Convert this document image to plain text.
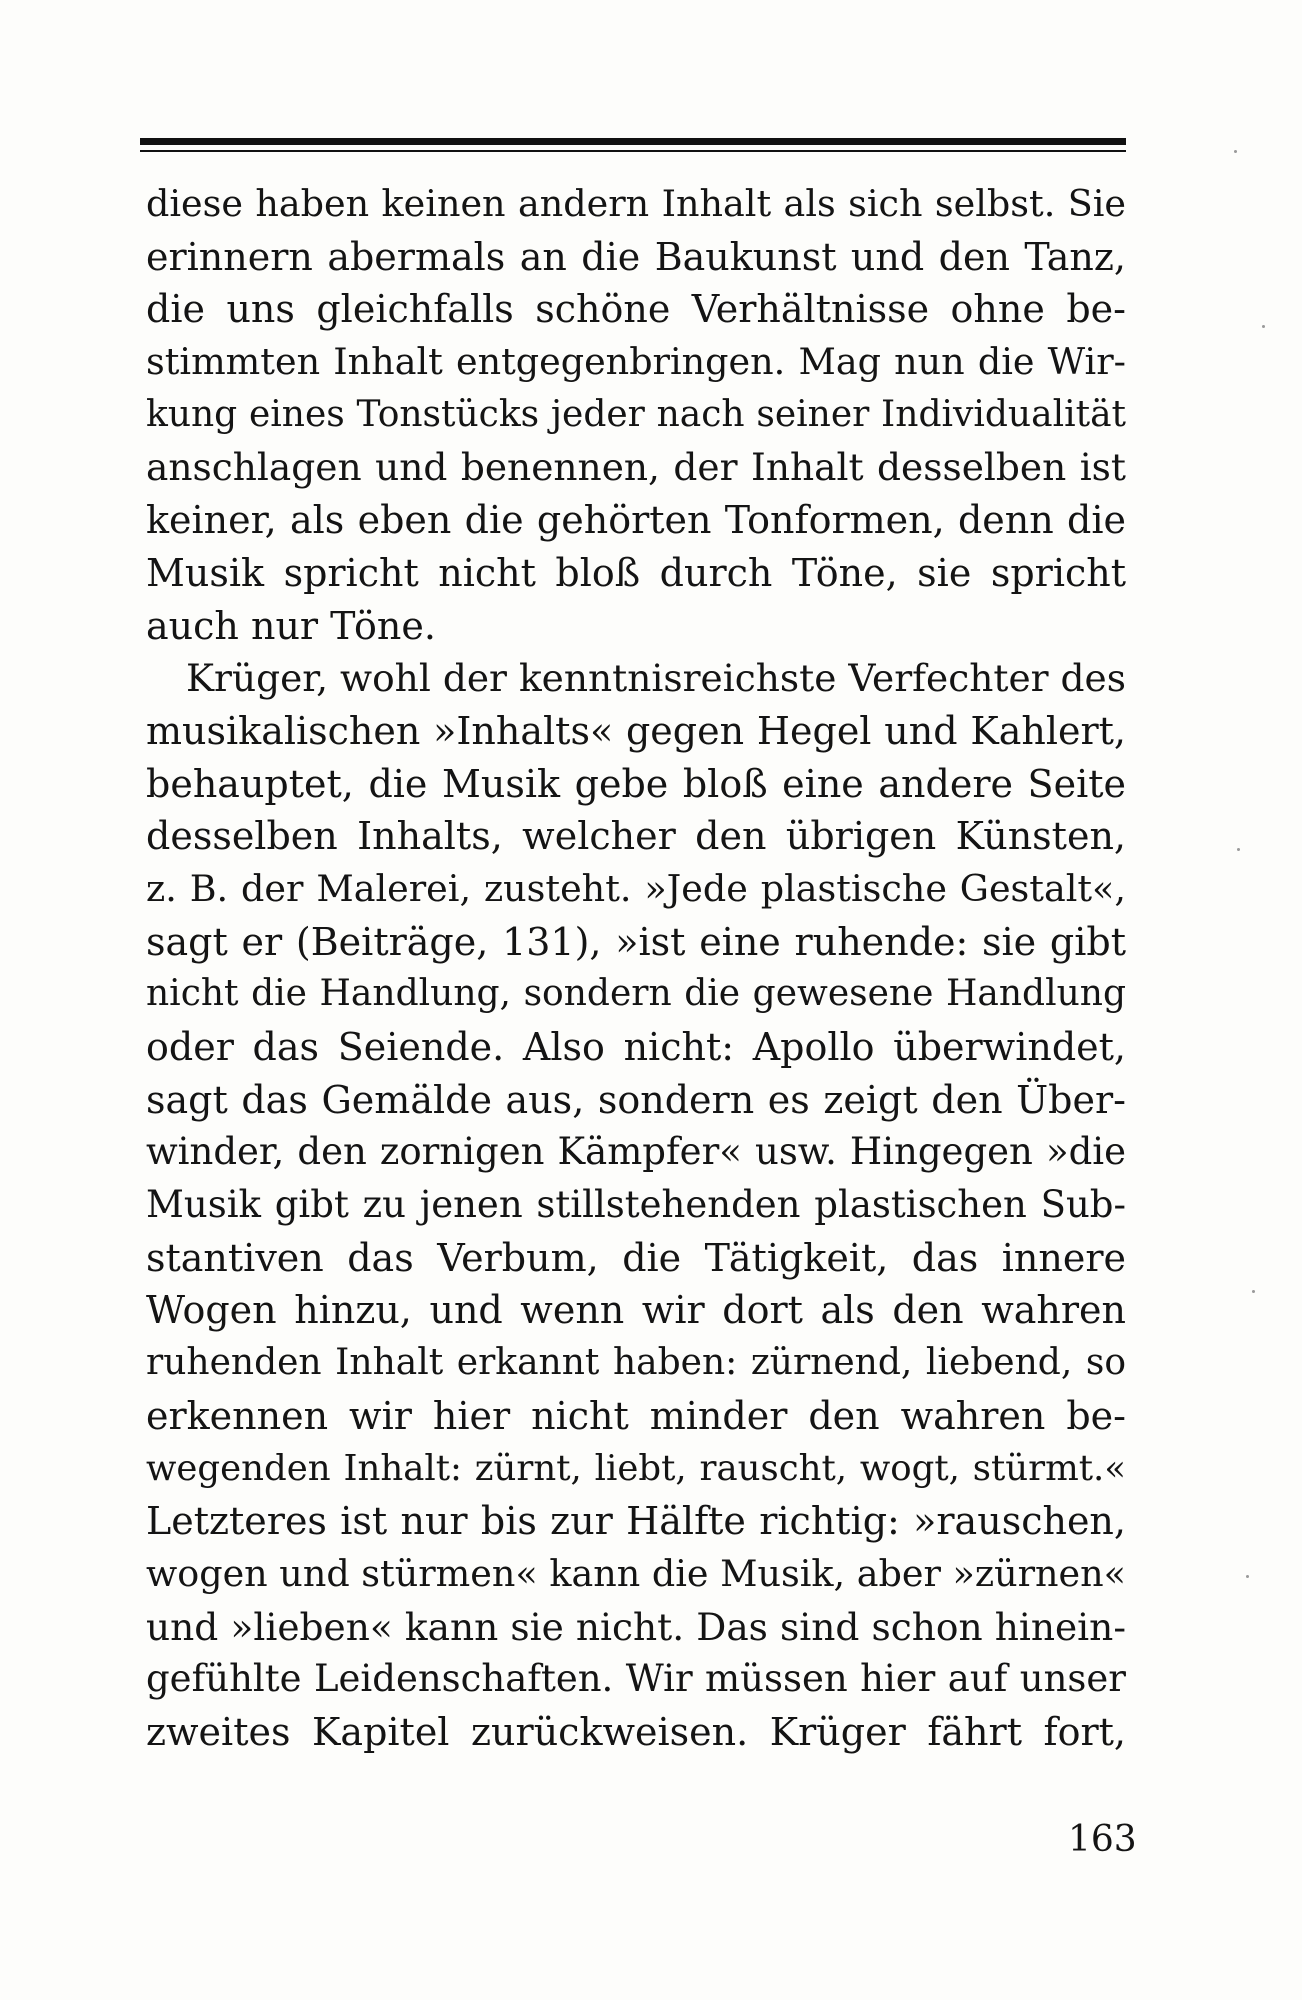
diese haben keinen andern Inhalt als sich selbst. Sie
erinnern abermals an die Baukunst und den Tanz,
die uns gleichfalls schöne Verhältnisse ohne be-
stimmten Inhalt entgegenbringen. Mag nun die Wir-
kung eines Tonstücks jeder nach seiner Individualität
anschlagen und benennen, der Inhalt desselben ist
keiner, als eben die gehörten Tonformen, denn die
Musik spricht nicht bloß durch Töne, sie spricht
auch nur Töne.
Krüger, wohl der kenntnisreichste Verfechter des
musikalischen »Inhalts« gegen Hegel und Kahlert,
behauptet, die Musik gebe bloß eine andere Seite
desselben Inhalts, welcher den übrigen Künsten,
z. B. der Malerei, zusteht. »Jede plastische Gestalt«,
sagt er (Beiträge, 131), »ist eine ruhende: sie gibt
nicht die Handlung, sondern die gewesene Handlung
oder das Seiende. Also nicht: Apollo überwindet,
sagt das Gemälde aus, sondern es zeigt den Über-
winder, den zornigen Kämpfer« usw. Hingegen »die
Musik gibt zu jenen stillstehenden plastischen Sub-
stantiven das Verbum, die Tätigkeit, das innere
Wogen hinzu, und wenn wir dort als den wahren
ruhenden Inhalt erkannt haben: zürnend, liebend, so
erkennen wir hier nicht minder den wahren be-
wegenden Inhalt: zürnt, liebt, rauscht, wogt, stürmt.«
Letzteres ist nur bis zur Hälfte richtig: »rauschen,
wogen und stürmen« kann die Musik, aber »zürnen«
und »lieben« kann sie nicht. Das sind schon hinein-
gefühlte Leidenschaften. Wir müssen hier auf unser
zweites Kapitel zurückweisen. Krüger fährt fort,
163
